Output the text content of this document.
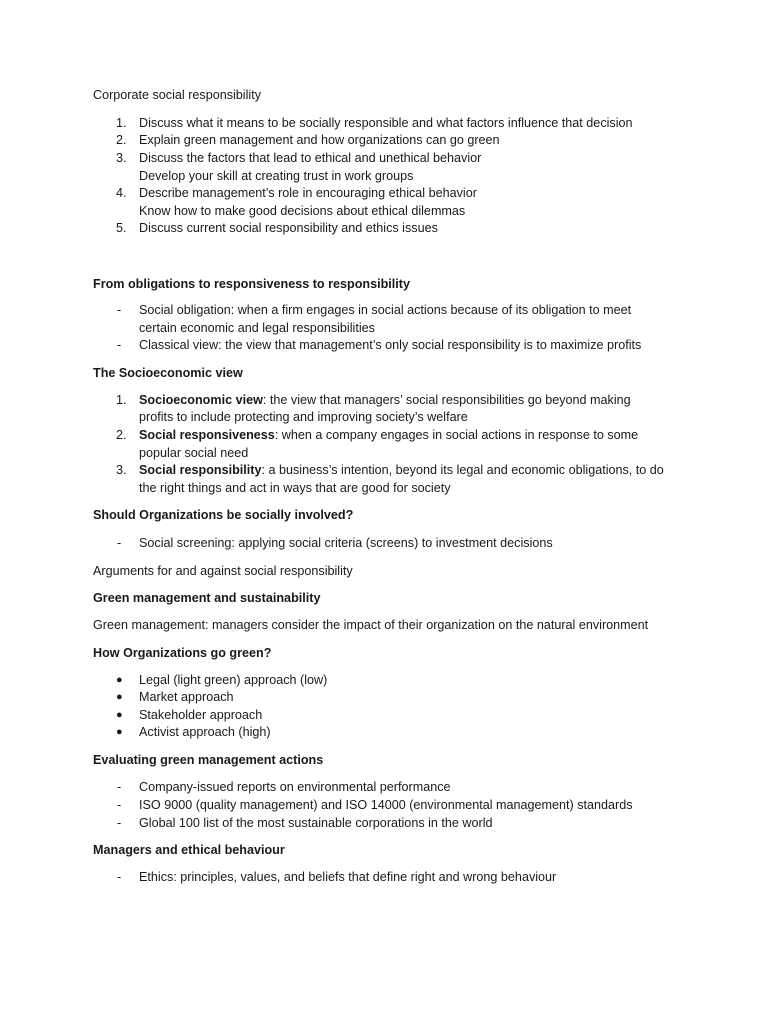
Corporate social responsibility
1. Discuss what it means to be socially responsible and what factors influence that decision
2. Explain green management and how organizations can go green
3. Discuss the factors that lead to ethical and unethical behavior
Develop your skill at creating trust in work groups
4. Describe management’s role in encouraging ethical behavior
Know how to make good decisions about ethical dilemmas
5. Discuss current social responsibility and ethics issues
From obligations to responsiveness to responsibility
- Social obligation: when a firm engages in social actions because of its obligation to meet
certain economic and legal responsibilities
- Classical view: the view that management’s only social responsibility is to maximize profits
The Socioeconomic view
1. Socioeconomic view: the view that managers’ social responsibilities go beyond making
profits to include protecting and improving society’s welfare
2. Social responsiveness: when a company engages in social actions in response to some
popular social need
3. Social responsibility: a business’s intention, beyond its legal and economic obligations, to do
the right things and act in ways that are good for society
Should Organizations be socially involved?
- Social screening: applying social criteria (screens) to investment decisions
Arguments for and against social responsibility
Green management and sustainability
Green management: managers consider the impact of their organization on the natural environment
How Organizations go green?
● Legal (light green) approach (low)
● Market approach
● Stakeholder approach
● Activist approach (high)
Evaluating green management actions
- Company-issued reports on environmental performance
- ISO 9000 (quality management) and ISO 14000 (environmental management) standards
- Global 100 list of the most sustainable corporations in the world
Managers and ethical behaviour
- Ethics: principles, values, and beliefs that define right and wrong behaviour
